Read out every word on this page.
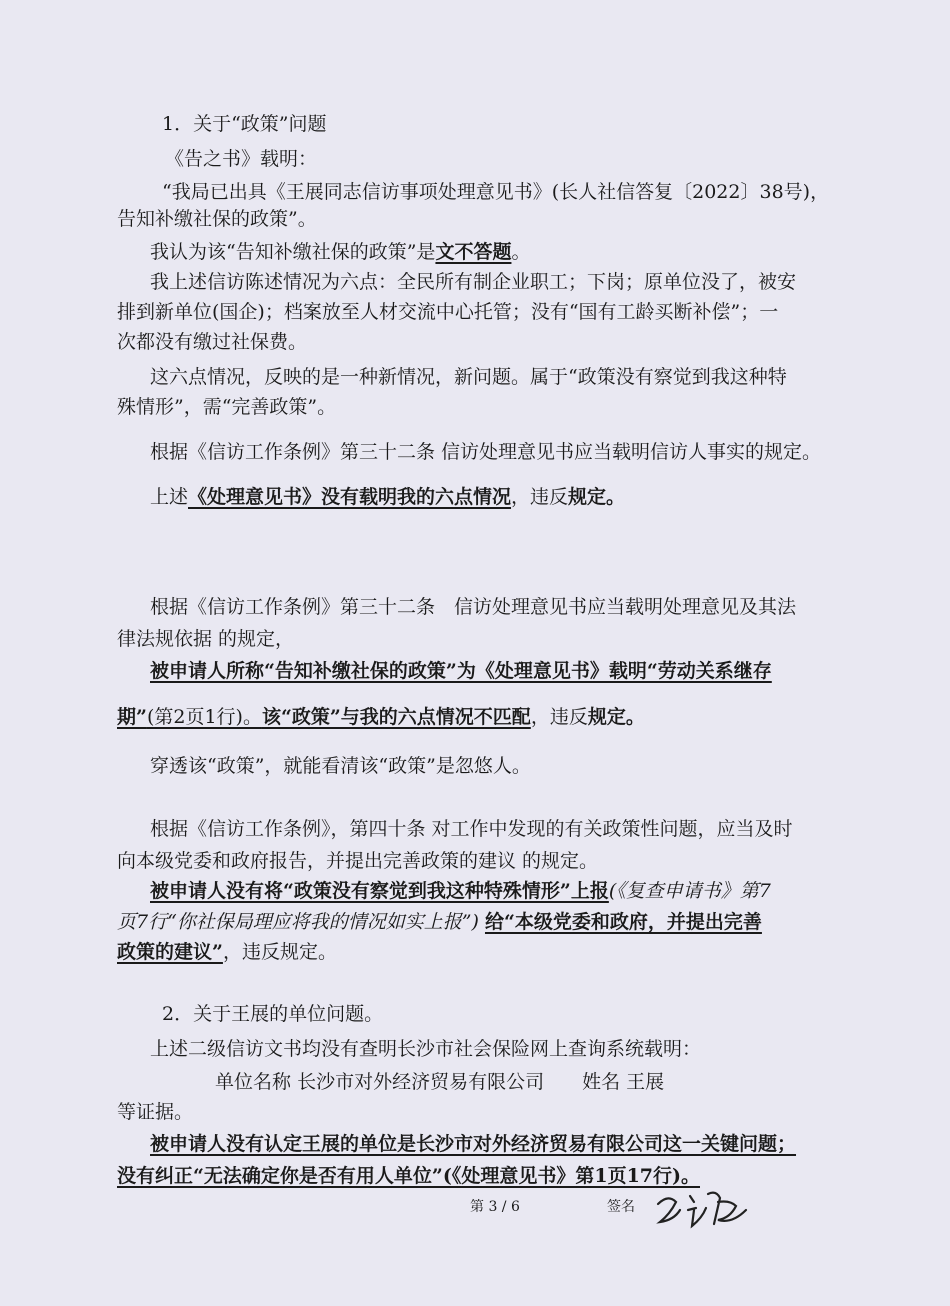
1．关于“政策”问题
《告之书》载明：
“我局已出具《王展同志信访事项处理意见书》(长人社信答复〔2022〕38号)，
告知补缴社保的政策”。
我认为该“告知补缴社保的政策”是文不答题。
我上述信访陈述情况为六点：全民所有制企业职工；下岗；原单位没了，被安
排到新单位(国企)；档案放至人材交流中心托管；没有“国有工龄买断补偿”；一
次都没有缴过社保费。
这六点情况，反映的是一种新情况，新问题。属于“政策没有察觉到我这种特
殊情形”，需“完善政策”。
根据《信访工作条例》第三十二条 信访处理意见书应当载明信访人事实的规定。
上述《处理意见书》没有载明我的六点情况，违反规定。
根据《信访工作条例》第三十二条　信访处理意见书应当载明处理意见及其法
律法规依据 的规定，
被申请人所称“告知补缴社保的政策”为《处理意见书》载明“劳动关系继存
期”(第2页1行)。该“政策”与我的六点情况不匹配，违反规定。
穿透该“政策”，就能看清该“政策”是忽悠人。
根据《信访工作条例》，第四十条 对工作中发现的有关政策性问题，应当及时
向本级党委和政府报告，并提出完善政策的建议 的规定。
被申请人没有将“政策没有察觉到我这种特殊情形”上报(《复查申请书》第7
页7行“你社保局理应将我的情况如实上报”) 给“本级党委和政府，并提出完善
政策的建议”，违反规定。
2．关于王展的单位问题。
上述二级信访文书均没有查明长沙市社会保险网上查询系统载明：
单位名称 长沙市对外经济贸易有限公司 姓名 王展
等证据。
被申请人没有认定王展的单位是长沙市对外经济贸易有限公司这一关键问题；
没有纠正“无法确定你是否有用人单位”(《处理意见书》第1页17行)。
第 3 / 6	签名
